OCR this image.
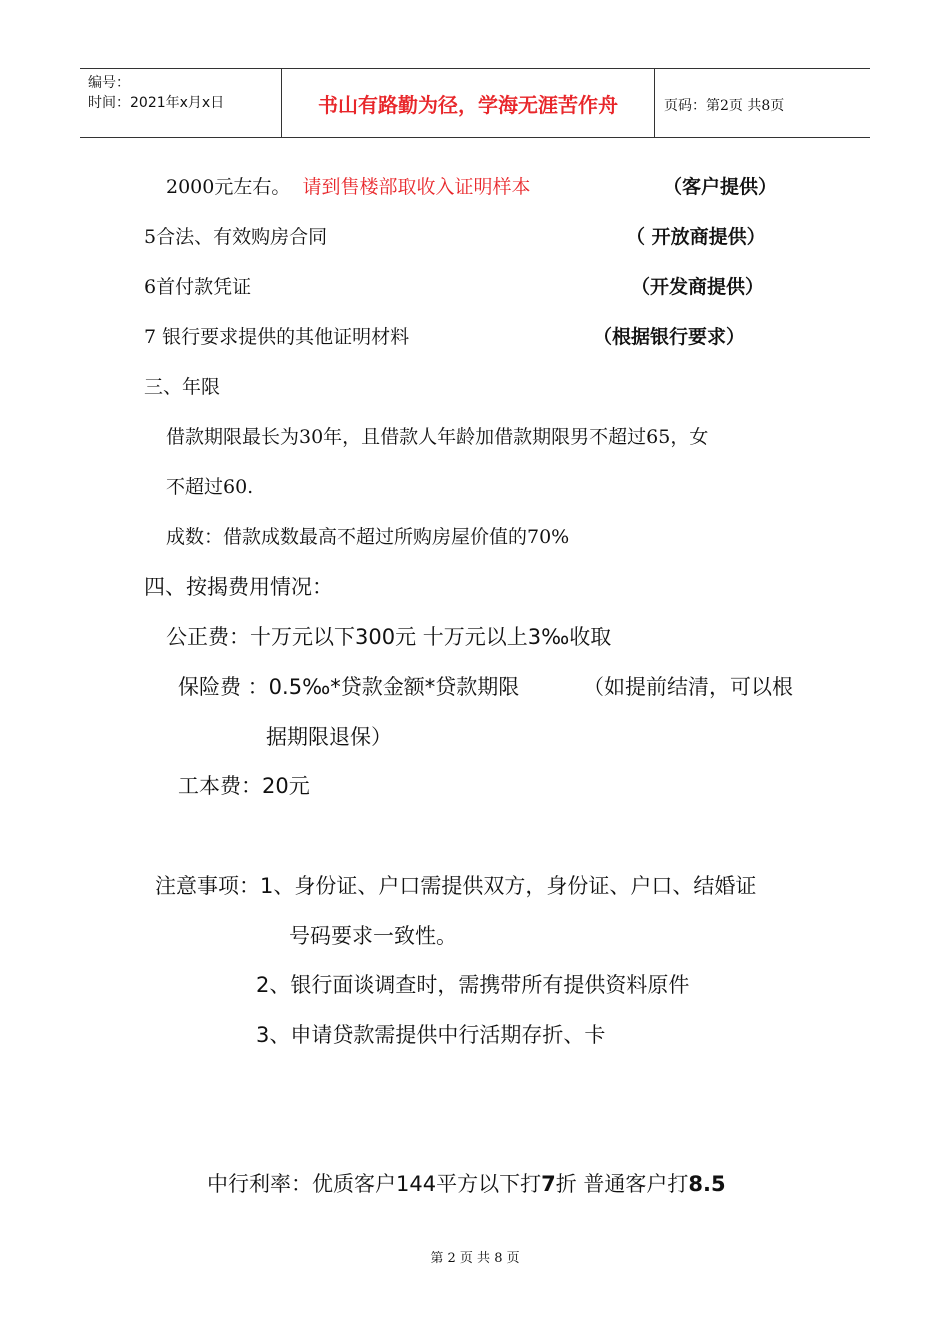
编号：
时间：2021年x月x日	书山有路勤为径，学海无涯苦作舟	页码：第2页 共8页
2000元左右。 请到售楼部取收入证明样本	（客户提供）
5合法、有效购房合同	（ 开放商提供）
6首付款凭证	（开发商提供）
7 银行要求提供的其他证明材料	（根据银行要求）
三、年限
借款期限最长为30年，且借款人年龄加借款期限男不超过65，女
不超过60.
成数：借款成数最高不超过所购房屋价值的70%
四、按揭费用情况：
公正费：十万元以下300元 十万元以上3‰收取
保险费 ：0.5‰*贷款金额*贷款期限	（如提前结清，可以根
据期限退保）
工本费：20元
注意事项：1、身份证、户口需提供双方，身份证、户口、结婚证
号码要求一致性。
2、银行面谈调查时，需携带所有提供资料原件
3、申请贷款需提供中行活期存折、卡
中行利率：优质客户144平方以下打7折 普通客户打8.5
第 2 页 共 8 页
